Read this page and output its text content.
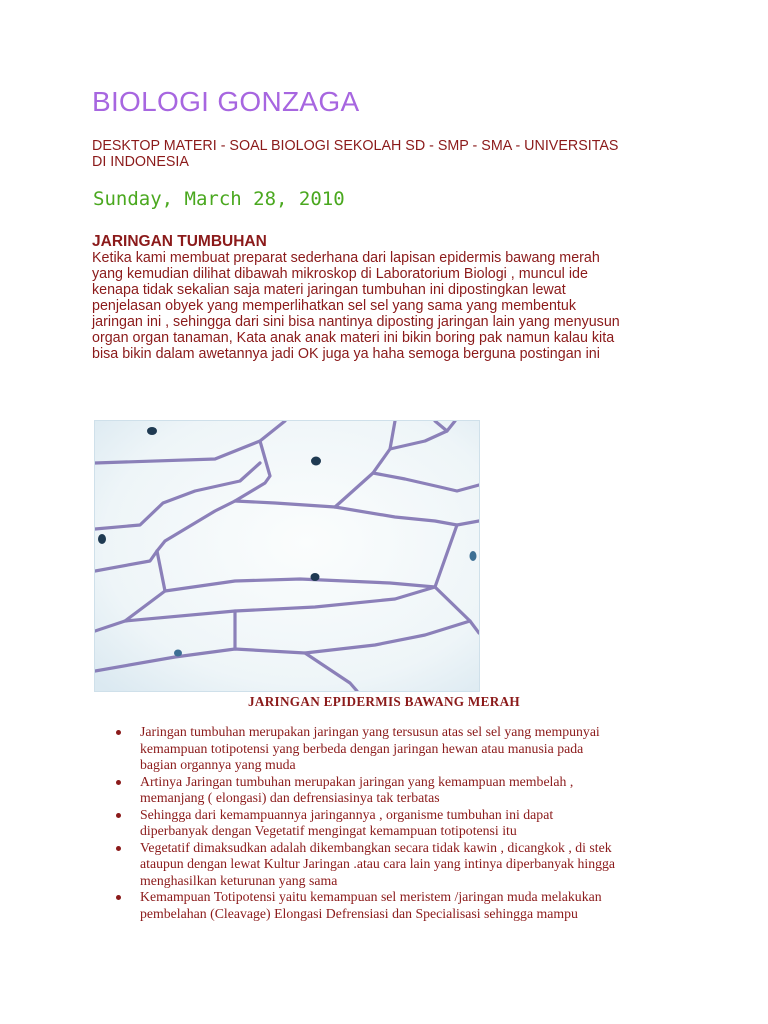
BIOLOGI GONZAGA
DESKTOP MATERI - SOAL BIOLOGI SEKOLAH SD - SMP - SMA - UNIVERSITAS
DI INDONESIA
Sunday, March 28, 2010
JARINGAN TUMBUHAN
Ketika kami membuat preparat sederhana dari lapisan epidermis bawang merah
yang kemudian dilihat dibawah mikroskop di Laboratorium Biologi , muncul ide
kenapa tidak sekalian saja materi jaringan tumbuhan ini dipostingkan lewat
penjelasan obyek yang memperlihatkan sel sel yang sama yang membentuk
jaringan ini , sehingga dari sini bisa nantinya diposting jaringan lain yang menyusun
organ organ tanaman, Kata anak anak materi ini bikin boring pak namun kalau kita
bisa bikin dalam awetannya jadi OK juga ya haha semoga berguna postingan ini
JARINGAN EPIDERMIS BAWANG MERAH
Jaringan tumbuhan merupakan jaringan yang tersusun atas sel sel yang mempunyai
kemampuan totipotensi yang berbeda dengan jaringan hewan atau manusia pada
bagian organnya yang muda
Artinya Jaringan tumbuhan merupakan jaringan yang kemampuan membelah ,
memanjang ( elongasi) dan defrensiasinya tak terbatas
Sehingga dari kemampuannya jaringannya , organisme tumbuhan ini dapat
diperbanyak dengan Vegetatif mengingat kemampuan totipotensi itu
Vegetatif dimaksudkan adalah dikembangkan secara tidak kawin , dicangkok , di stek
ataupun dengan lewat Kultur Jaringan .atau cara lain yang intinya diperbanyak hingga
menghasilkan keturunan yang sama
Kemampuan Totipotensi yaitu kemampuan sel meristem /jaringan muda melakukan
pembelahan (Cleavage) Elongasi Defrensiasi dan Specialisasi sehingga mampu
